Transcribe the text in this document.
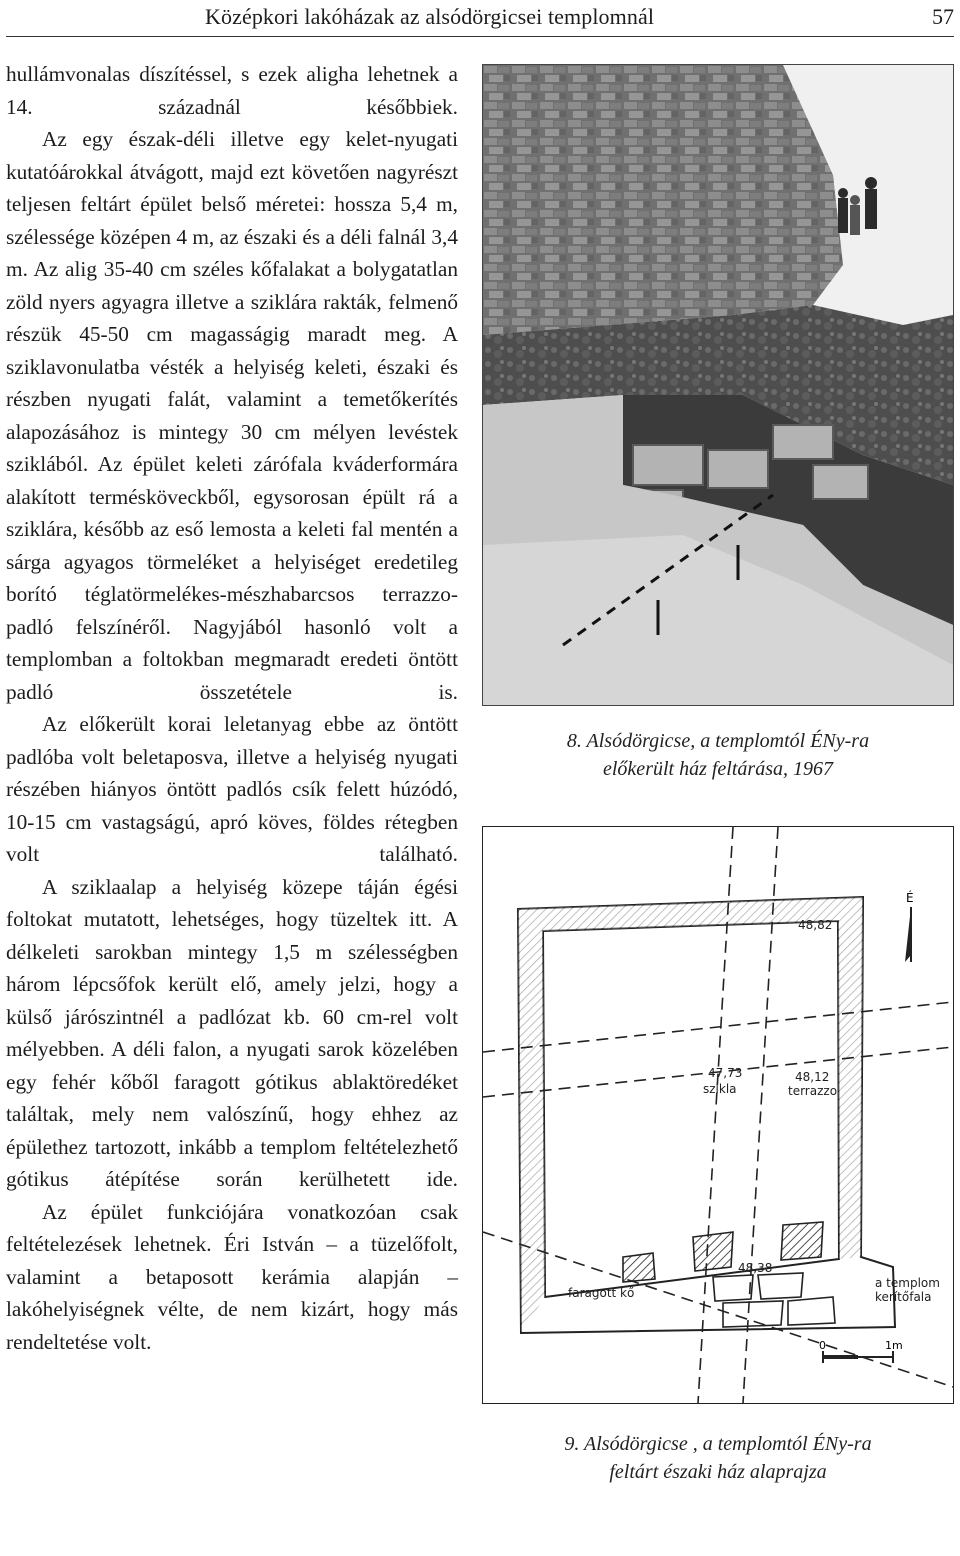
Középkori lakóházak az alsódörgicsei templomnál	57

hullámvonalas díszítéssel, s ezek aligha lehetnek a 14. századnál későbbiek.

Az egy észak-déli illetve egy kelet-nyugati kutatóárokkal átvágott, majd ezt követően nagyrészt teljesen feltárt épület belső méretei: hossza 5,4 m, szélessége középen 4 m, az északi és a déli falnál 3,4 m. Az alig 35-40 cm széles kőfalakat a bolygatatlan zöld nyers agyagra illetve a sziklára rakták, felmenő részük 45-50 cm magasságig maradt meg. A sziklavonulatba vésték a helyiség keleti, északi és részben nyugati falát, valamint a temetőkerítés alapozásához is mintegy 30 cm mélyen levéstek sziklából. Az épület keleti zárófala kváderformára alakított termésköveckből, egysorosan épült rá a sziklára, később az eső lemosta a keleti fal mentén a sárga agyagos törmeléket a helyiséget eredetileg borító téglatörmelékes-mészhabarcsos terrazzo-padló felszínéről. Nagyjából hasonló volt a templomban a foltokban megmaradt eredeti öntött padló összetétele is.

Az előkerült korai leletanyag ebbe az öntött padlóba volt beletaposva, illetve a helyiség nyugati részében hiányos öntött padlós csík felett húzódó, 10-15 cm vastagságú, apró köves, földes rétegben volt található.

A sziklaalap a helyiség közepe táján égési foltokat mutatott, lehetséges, hogy tüzeltek itt. A délkeleti sarokban mintegy 1,5 m szélességben három lépcsőfok került elő, amely jelzi, hogy a külső járószintnél a padlózat kb. 60 cm-rel volt mélyebben. A déli falon, a nyugati sarok közelében egy fehér kőből faragott gótikus ablaktöredéket találtak, mely nem valószínű, hogy ehhez az épülethez tartozott, inkább a templom feltételezhető gótikus átépítése során kerülhetett ide.

Az épület funkciójára vonatkozóan csak feltételezések lehetnek. Éri István – a tüzelőfolt, valamint a betaposott kerámia alapján – lakóhelyiségnek vélte, de nem kizárt, hogy más rendeltetése volt.

8. Alsódörgicse, a templomtól ÉNy-ra
előkerült ház feltárása, 1967
É
48,82
47,73
szikla
48,12
terrazzo
48,38
faragott kő
a templom
kerítőfala
0	1m
9. Alsódörgicse , a templomtól ÉNy-ra
feltárt északi ház alaprajza
